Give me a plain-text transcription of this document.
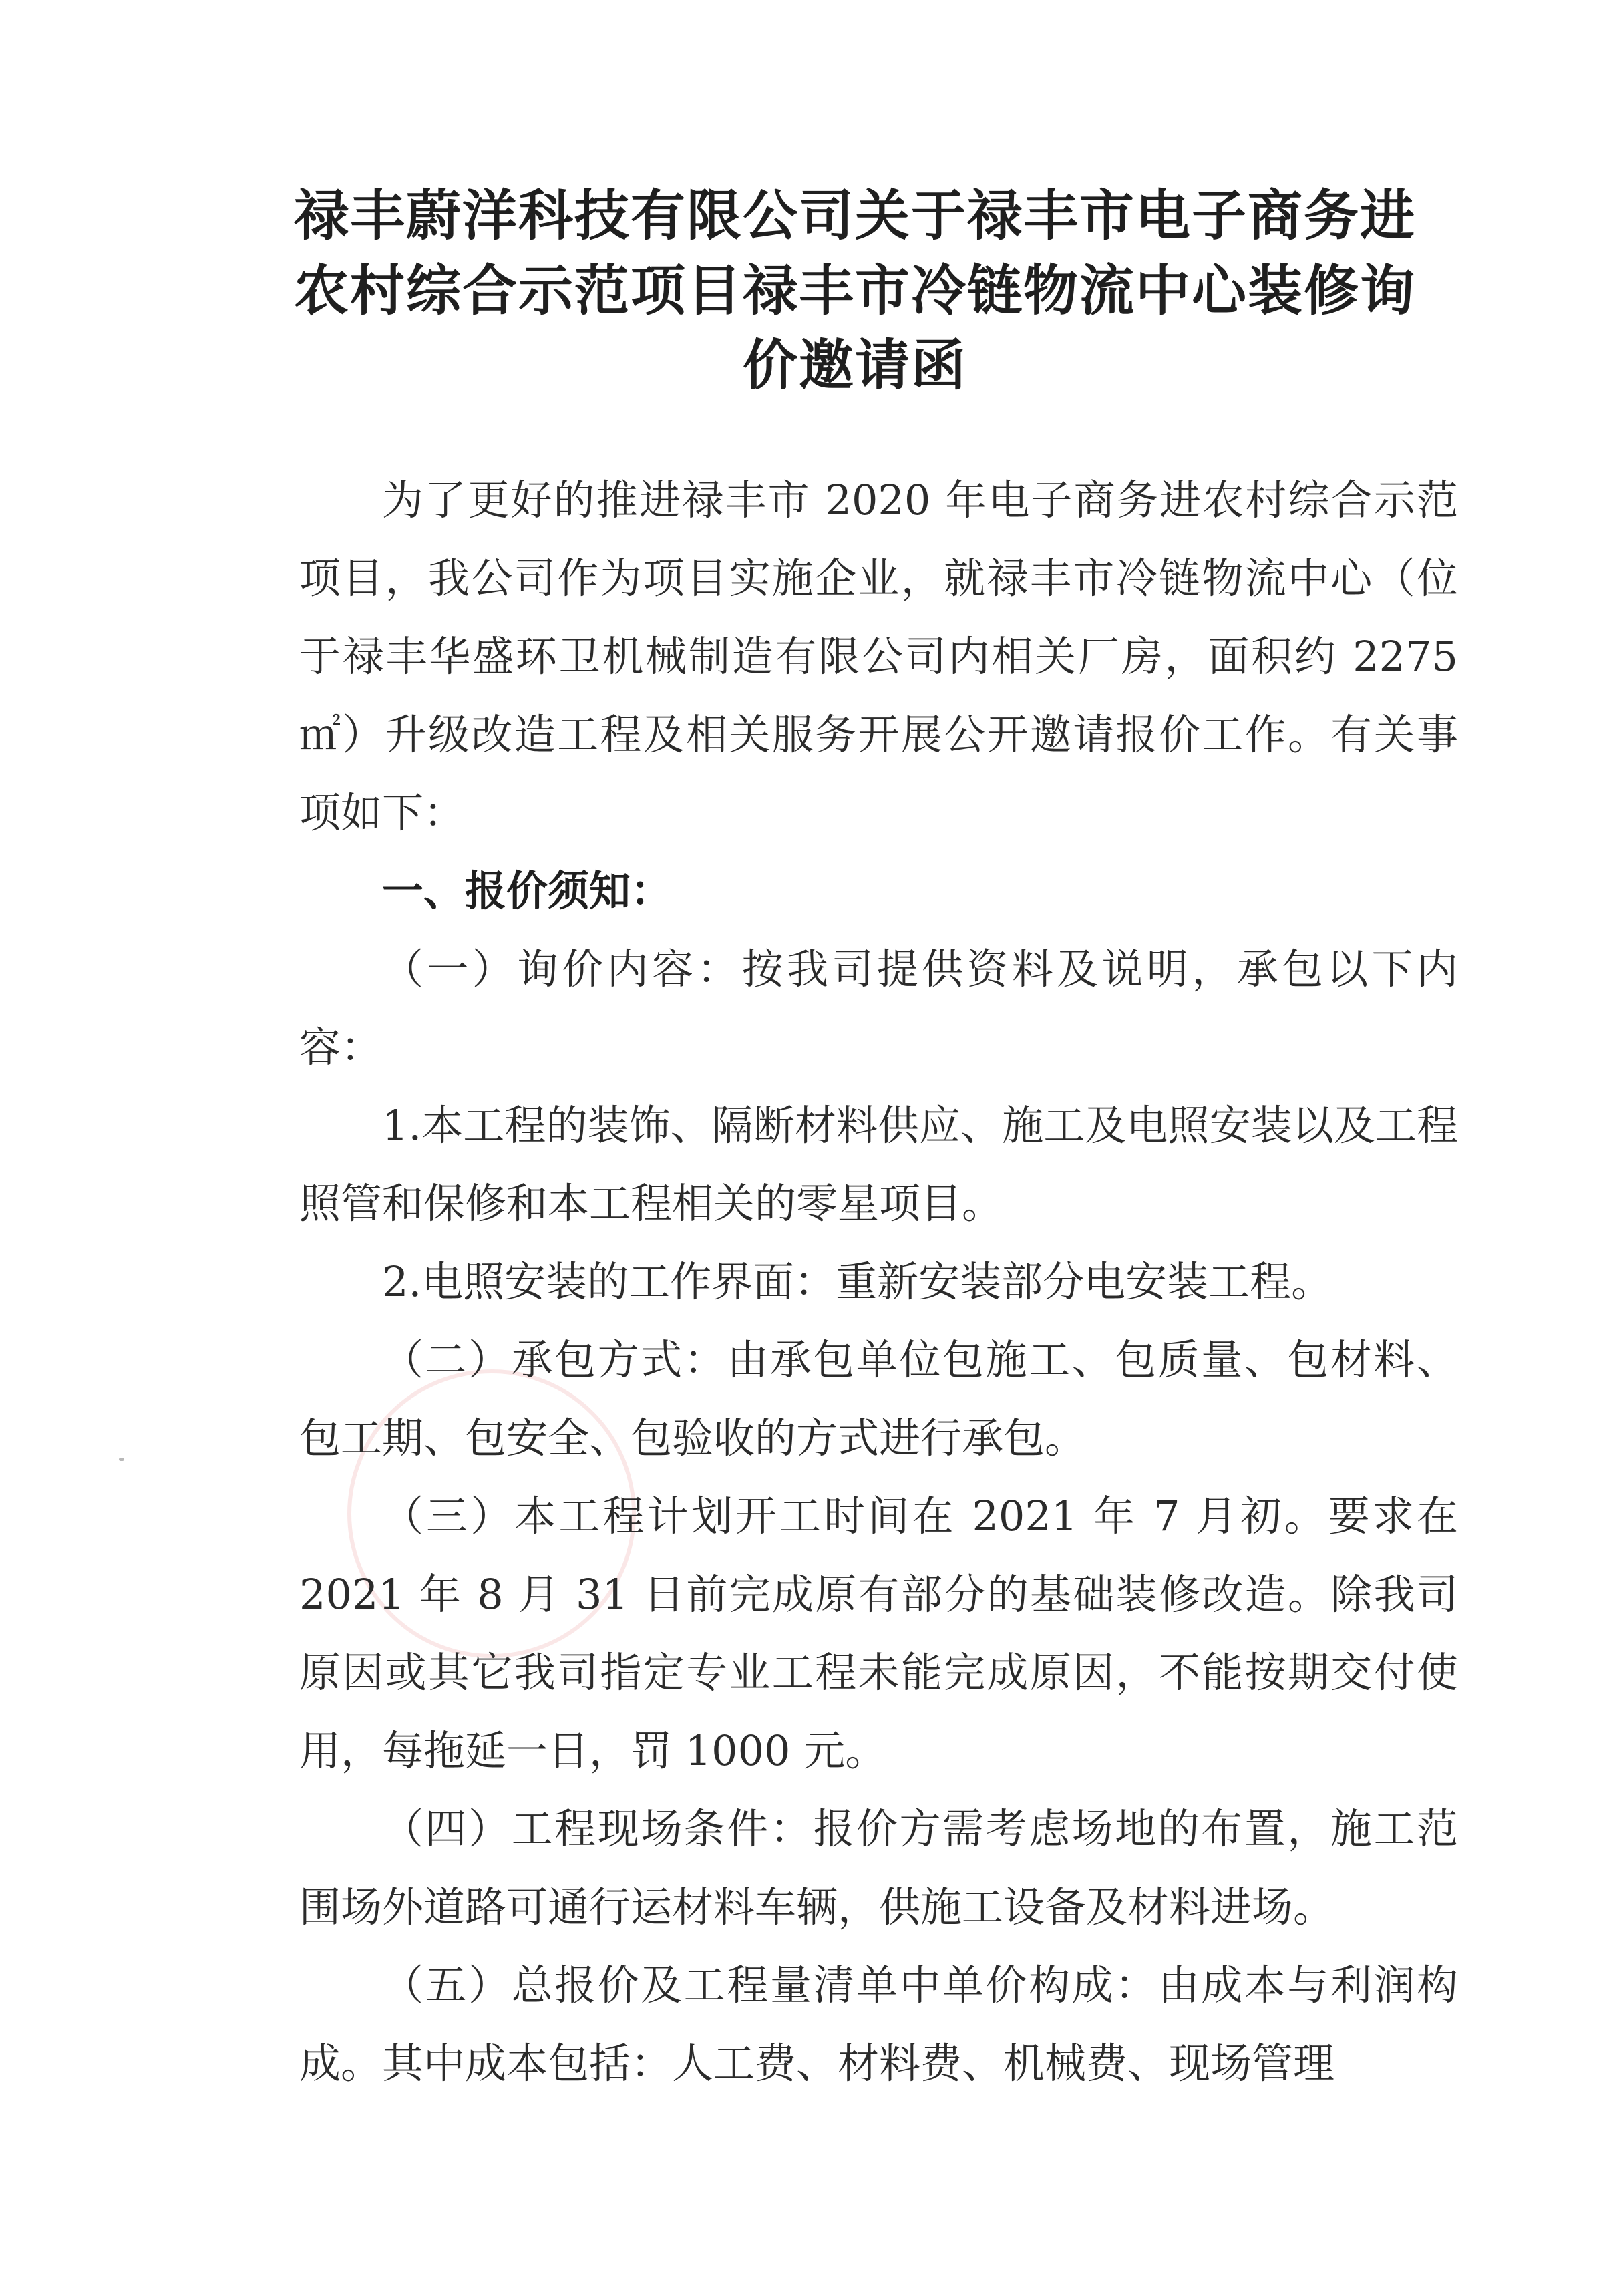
禄丰蔚洋科技有限公司关于禄丰市电子商务进农村综合示范项目禄丰市冷链物流中心装修询价邀请函

为了更好的推进禄丰市 2020 年电子商务进农村综合示范项目，我公司作为项目实施企业，就禄丰市冷链物流中心（位于禄丰华盛环卫机械制造有限公司内相关厂房，面积约 2275 ㎡）升级改造工程及相关服务开展公开邀请报价工作。有关事项如下：

一、报价须知：

（一）询价内容：按我司提供资料及说明，承包以下内容：

1.本工程的装饰、隔断材料供应、施工及电照安装以及工程照管和保修和本工程相关的零星项目。

2.电照安装的工作界面：重新安装部分电安装工程。

（二）承包方式：由承包单位包施工、包质量、包材料、包工期、包安全、包验收的方式进行承包。

（三）本工程计划开工时间在 2021 年 7 月初。要求在 2021 年 8 月 31 日前完成原有部分的基础装修改造。除我司原因或其它我司指定专业工程未能完成原因，不能按期交付使用，每拖延一日，罚 1000 元。

（四）工程现场条件：报价方需考虑场地的布置，施工范围场外道路可通行运材料车辆，供施工设备及材料进场。

（五）总报价及工程量清单中单价构成：由成本与利润构成。其中成本包括：人工费、材料费、机械费、现场管理
